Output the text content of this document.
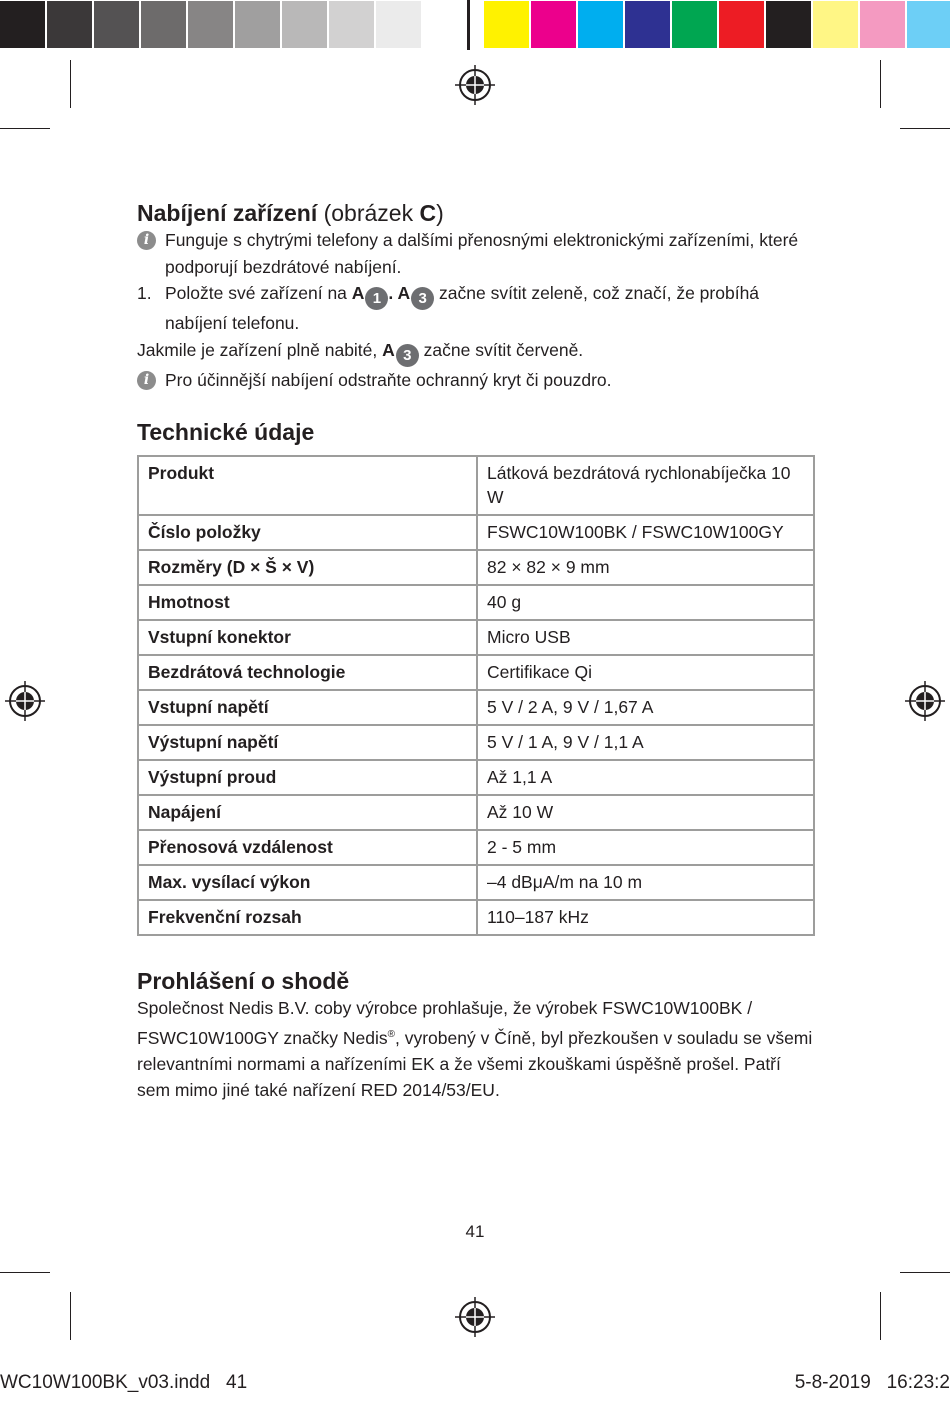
Nabíjení zařízení (obrázek C)
i Funguje s chytrými telefony a dalšími přenosnými elektronickými zařízeními, které podporují bezdrátové nabíjení.
1. Položte své zařízení na A 1 . A 3 začne svítit zeleně, což značí, že probíhá nabíjení telefonu.
Jakmile je zařízení plně nabité, A 3 začne svítit červeně.
i Pro účinnější nabíjení odstraňte ochranný kryt či pouzdro.
Technické údaje
Produkt	Látková bezdrátová rychlonabíječka 10 W
Číslo položky	FSWC10W100BK / FSWC10W100GY
Rozměry (D × Š × V)	82 × 82 × 9 mm
Hmotnost	40 g
Vstupní konektor	Micro USB
Bezdrátová technologie	Certifikace Qi
Vstupní napětí	5 V / 2 A, 9 V / 1,67 A
Výstupní napětí	5 V / 1 A, 9 V / 1,1 A
Výstupní proud	Až 1,1 A
Napájení	Až 10 W
Přenosová vzdálenost	2 - 5 mm
Max. vysílací výkon	–4 dBμA/m na 10 m
Frekvenční rozsah	110–187 kHz
Prohlášení o shodě

Společnost Nedis B.V. coby výrobce prohlašuje, že výrobek FSWC10W100BK / FSWC10W100GY značky Nedis®, vyrobený v Číně, byl přezkoušen v souladu se všemi relevantními normami a nařízeními EK a že všemi zkouškami úspěšně prošel. Patří sem mimo jiné také nařízení RED 2014/53/EU.

41
WC10W100BK_v03.indd   41	5-8-2019   16:23:2
